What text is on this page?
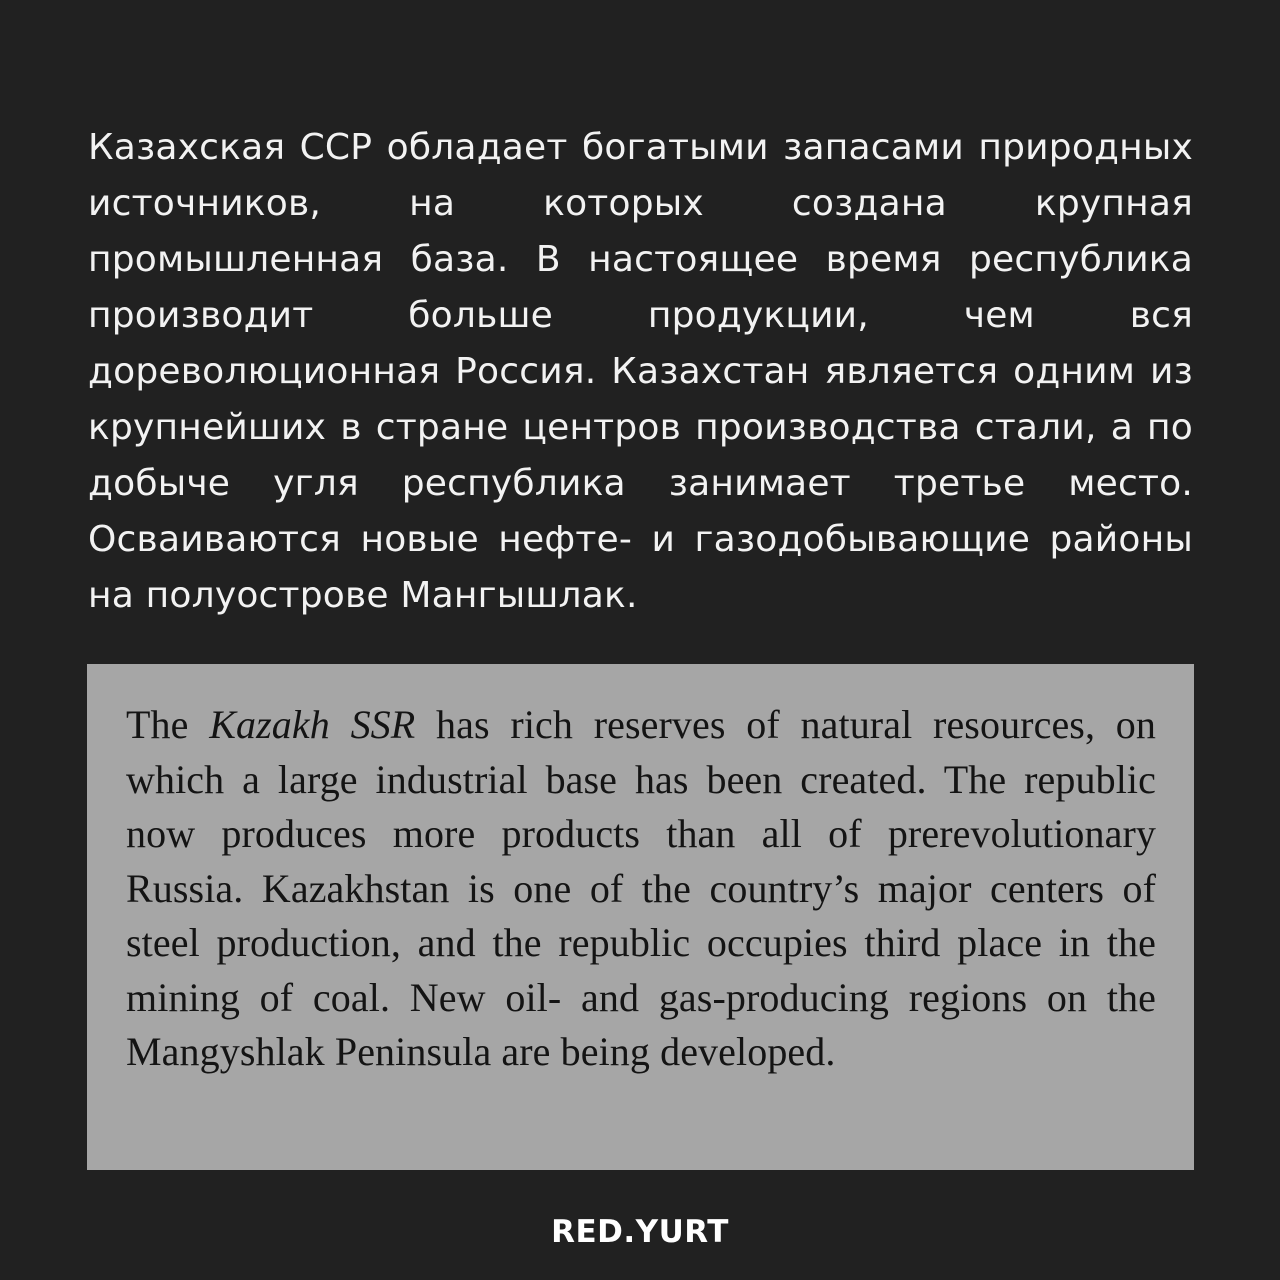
Казахская ССР обладает богатыми запасами природных источников, на которых создана крупная промышленная база. В настоящее время республика производит больше продукции, чем вся дореволюционная Россия. Казахстан является одним из крупнейших в стране центров производства стали, а по добыче угля республика занимает третье место. Осваиваются новые нефте- и газодобывающие районы на полуострове Мангышлак.

The Kazakh SSR has rich reserves of natural resources, on which a large industrial base has been created. The republic now produces more products than all of prerevolutionary Russia. Kazakhstan is one of the country’s major centers of steel production, and the republic occupies third place in the mining of coal. New oil- and gas-producing regions on the Mangyshlak Peninsula are being developed.

RED.YURT
